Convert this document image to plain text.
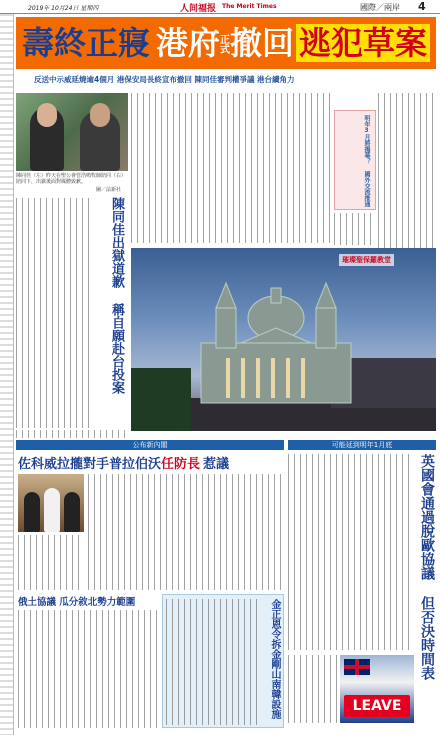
2019年 10月24日 星期四	人间福报 The Merit Times	國際／兩岸 4
壽終正寢 港府正式撤回 逃犯草案
反送中示威延燒逾4個月 港保安局長終宣布撤回 陳同佳審判權爭議 港台續角力
陳同佳（左）昨天在聖公會管浩鳴牧師陪同（右）陪同下，出獄後面對媒體致歉。
圖／法新社	明年3月將揭幕？ 國外交流推通
陳同佳出獄道歉 稱自願赴台投案	璀璨聖保羅教堂
公布新內閣	可能延到明年1月底
佐科威拉攏對手普拉伯沃任防長 惹議
俄土協議 瓜分敘北勢力範圍	金正恩令拆金剛山南韓設施	英國會通過脫歐協議 但否決時間表
LEAVE
